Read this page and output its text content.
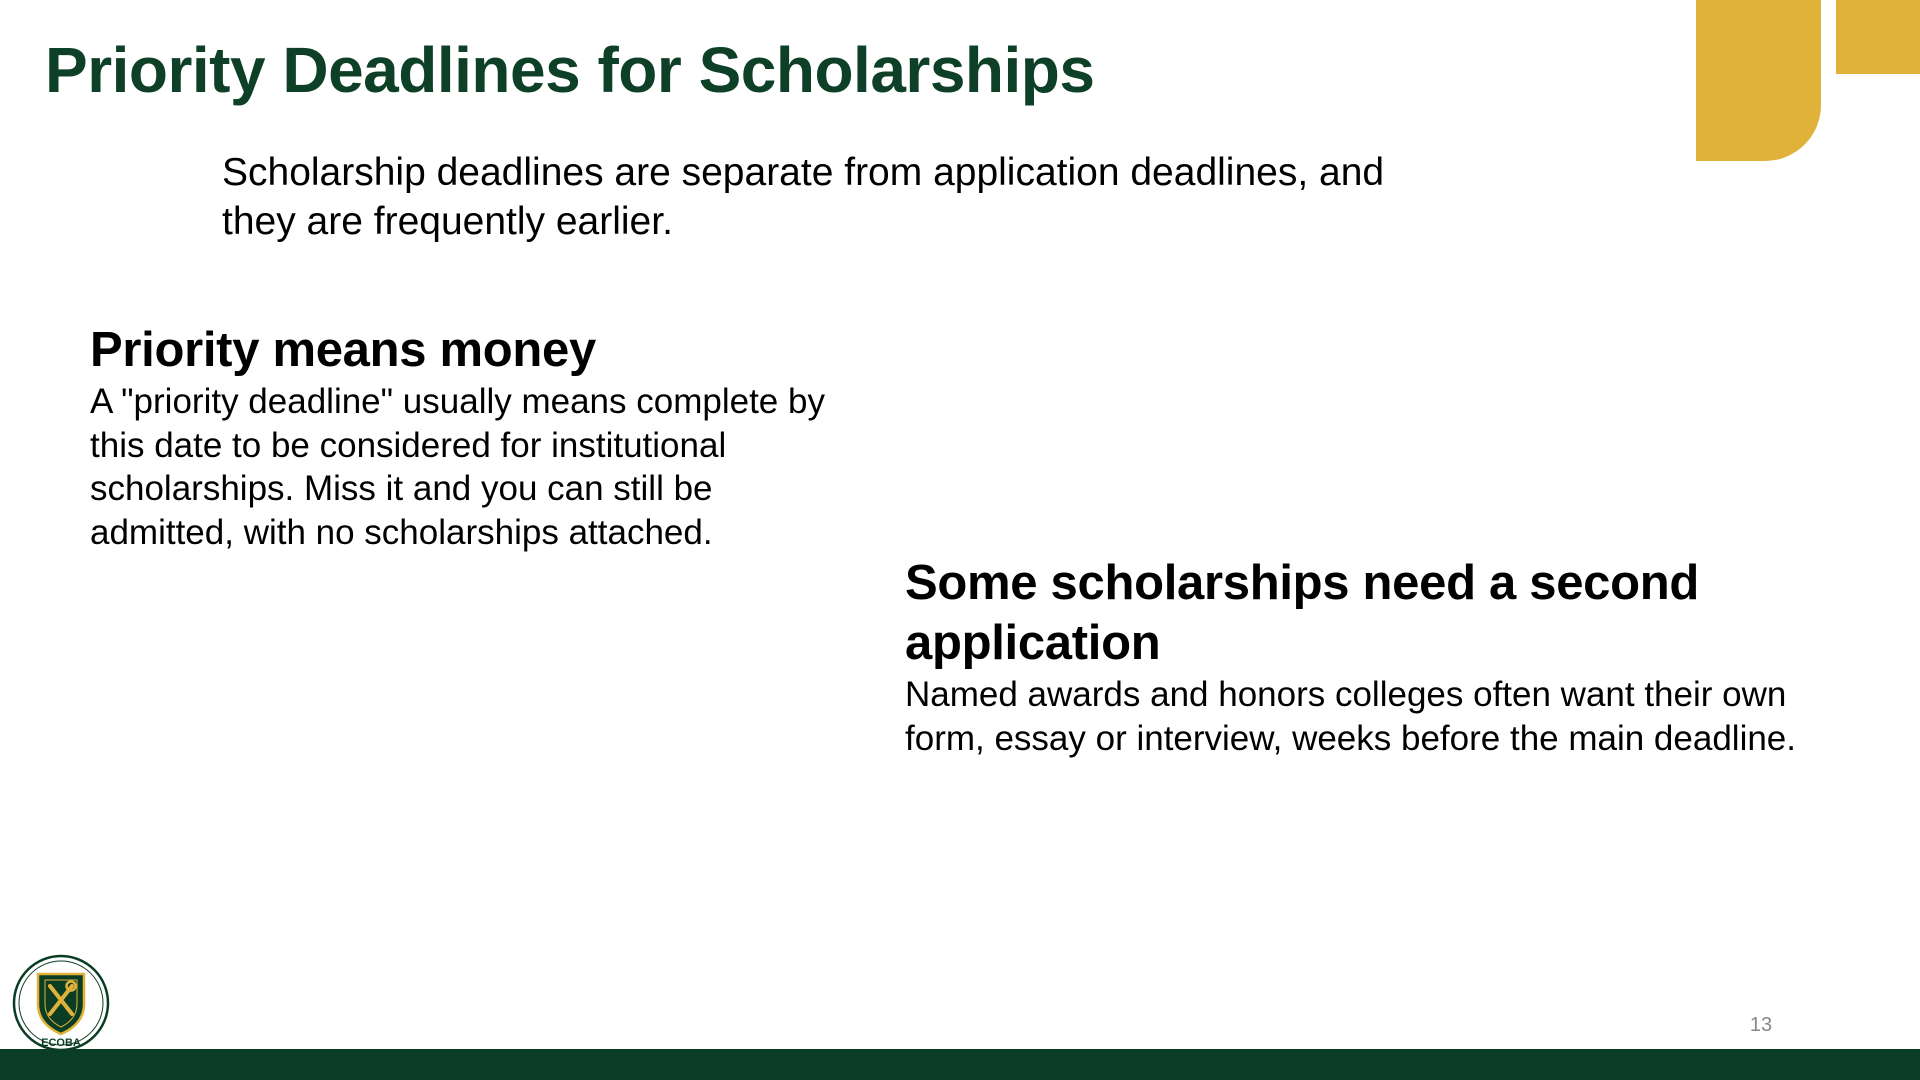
Priority Deadlines for Scholarships

Scholarship deadlines are separate from application deadlines, and they are frequently earlier.

Priority means money

A "priority deadline" usually means complete by this date to be considered for institutional scholarships. Miss it and you can still be admitted, with no scholarships attached.

Some scholarships need a second application

Named awards and honors colleges often want their own form, essay or interview, weeks before the main deadline.

ECOBA
13
